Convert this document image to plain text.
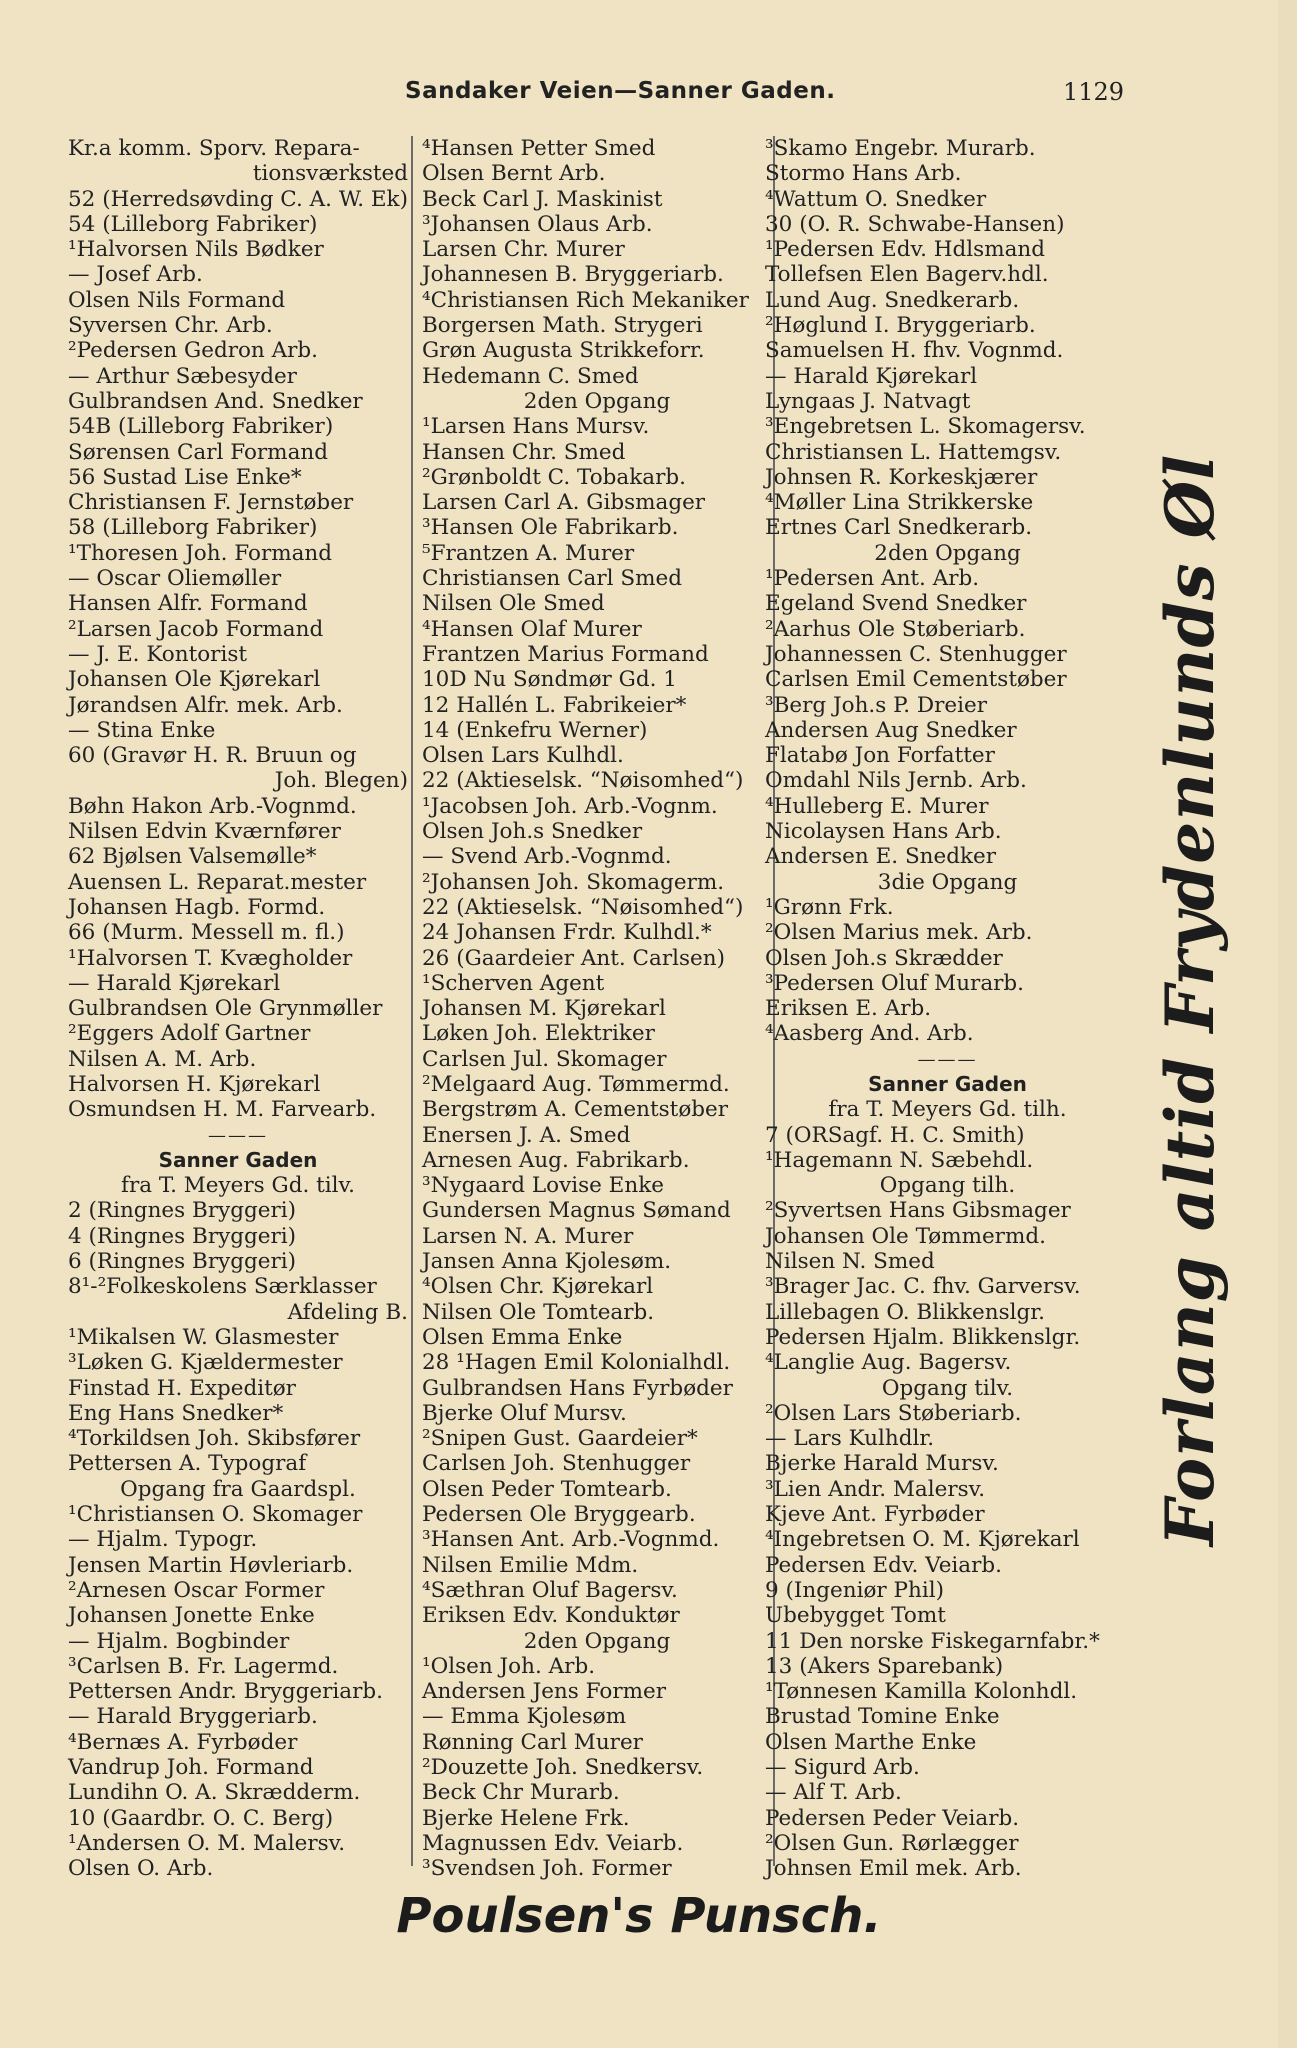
Sandaker Veien—Sanner Gaden.	1129
Kr.a komm. Sporv. Repara-
tionsværksted
52 (Herredsøvding C. A. W. Ek)
54 (Lilleborg Fabriker)
¹Halvorsen Nils Bødker
— Josef Arb.
Olsen Nils Formand
Syversen Chr. Arb.
²Pedersen Gedron Arb.
— Arthur Sæbesyder
Gulbrandsen And. Snedker
54B (Lilleborg Fabriker)
Sørensen Carl Formand
56 Sustad Lise Enke*
Christiansen F. Jernstøber
58 (Lilleborg Fabriker)
¹Thoresen Joh. Formand
— Oscar Oliemøller
Hansen Alfr. Formand
²Larsen Jacob Formand
— J. E. Kontorist
Johansen Ole Kjørekarl
Jørandsen Alfr. mek. Arb.
— Stina Enke
60 (Gravør H. R. Bruun og
Joh. Blegen)
Bøhn Hakon Arb.-Vognmd.
Nilsen Edvin Kværnfører
62 Bjølsen Valsemølle*
Auensen L. Reparat.mester
Johansen Hagb. Formd.
66 (Murm. Messell m. fl.)
¹Halvorsen T. Kvægholder
— Harald Kjørekarl
Gulbrandsen Ole Grynmøller
²Eggers Adolf Gartner
Nilsen A. M. Arb.
Halvorsen H. Kjørekarl
Osmundsen H. M. Farvearb.
———
Sanner Gaden
fra T. Meyers Gd. tilv.
2 (Ringnes Bryggeri)
4 (Ringnes Bryggeri)
6 (Ringnes Bryggeri)
8¹-²Folkeskolens Særklasser
Afdeling B.
¹Mikalsen W. Glasmester
³Løken G. Kjældermester
Finstad H. Expeditør
Eng Hans Snedker*
⁴Torkildsen Joh. Skibsfører
Pettersen A. Typograf
Opgang fra Gaardspl.
¹Christiansen O. Skomager
— Hjalm. Typogr.
Jensen Martin Høvleriarb.
²Arnesen Oscar Former
Johansen Jonette Enke
— Hjalm. Bogbinder
³Carlsen B. Fr. Lagermd.
Pettersen Andr. Bryggeriarb.
— Harald Bryggeriarb.
⁴Bernæs A. Fyrbøder
Vandrup Joh. Formand
Lundihn O. A. Skrædderm.
10 (Gaardbr. O. C. Berg)
¹Andersen O. M. Malersv.
Olsen O. Arb.
⁴Hansen Petter Smed
Olsen Bernt Arb.
Beck Carl J. Maskinist
³Johansen Olaus Arb.
Larsen Chr. Murer
Johannesen B. Bryggeriarb.
⁴Christiansen Rich Mekaniker
Borgersen Math. Strygeri
Grøn Augusta Strikkeforr.
Hedemann C. Smed
2den Opgang
¹Larsen Hans Mursv.
Hansen Chr. Smed
²Grønboldt C. Tobakarb.
Larsen Carl A. Gibsmager
³Hansen Ole Fabrikarb.
⁵Frantzen A. Murer
Christiansen Carl Smed
Nilsen Ole Smed
⁴Hansen Olaf Murer
Frantzen Marius Formand
10D Nu Søndmør Gd. 1
12 Hallén L. Fabrikeier*
14 (Enkefru Werner)
Olsen Lars Kulhdl.
22 (Aktieselsk. “Nøisomhed“)
¹Jacobsen Joh. Arb.-Vognm.
Olsen Joh.s Snedker
— Svend Arb.-Vognmd.
²Johansen Joh. Skomagerm.
22 (Aktieselsk. “Nøisomhed“)
24 Johansen Frdr. Kulhdl.*
26 (Gaardeier Ant. Carlsen)
¹Scherven Agent
Johansen M. Kjørekarl
Løken Joh. Elektriker
Carlsen Jul. Skomager
²Melgaard Aug. Tømmermd.
Bergstrøm A. Cementstøber
Enersen J. A. Smed
Arnesen Aug. Fabrikarb.
³Nygaard Lovise Enke
Gundersen Magnus Sømand
Larsen N. A. Murer
Jansen Anna Kjolesøm.
⁴Olsen Chr. Kjørekarl
Nilsen Ole Tomtearb.
Olsen Emma Enke
28 ¹Hagen Emil Kolonialhdl.
Gulbrandsen Hans Fyrbøder
Bjerke Oluf Mursv.
²Snipen Gust. Gaardeier*
Carlsen Joh. Stenhugger
Olsen Peder Tomtearb.
Pedersen Ole Bryggearb.
³Hansen Ant. Arb.-Vognmd.
Nilsen Emilie Mdm.
⁴Sæthran Oluf Bagersv.
Eriksen Edv. Konduktør
2den Opgang
¹Olsen Joh. Arb.
Andersen Jens Former
— Emma Kjolesøm
Rønning Carl Murer
²Douzette Joh. Snedkersv.
Beck Chr Murarb.
Bjerke Helene Frk.
Magnussen Edv. Veiarb.
³Svendsen Joh. Former
³Skamo Engebr. Murarb.
Stormo Hans Arb.
⁴Wattum O. Snedker
30 (O. R. Schwabe-Hansen)
¹Pedersen Edv. Hdlsmand
Tollefsen Elen Bagerv.hdl.
Lund Aug. Snedkerarb.
²Høglund I. Bryggeriarb.
Samuelsen H. fhv. Vognmd.
— Harald Kjørekarl
Lyngaas J. Natvagt
³Engebretsen L. Skomagersv.
Christiansen L. Hattemgsv.
Johnsen R. Korkeskjærer
⁴Møller Lina Strikkerske
Ertnes Carl Snedkerarb.
2den Opgang
¹Pedersen Ant. Arb.
Egeland Svend Snedker
²Aarhus Ole Støberiarb.
Johannessen C. Stenhugger
Carlsen Emil Cementstøber
³Berg Joh.s P. Dreier
Andersen Aug Snedker
Flatabø Jon Forfatter
Omdahl Nils Jernb. Arb.
⁴Hulleberg E. Murer
Nicolaysen Hans Arb.
Andersen E. Snedker
3die Opgang
¹Grønn Frk.
²Olsen Marius mek. Arb.
Olsen Joh.s Skrædder
³Pedersen Oluf Murarb.
Eriksen E. Arb.
⁴Aasberg And. Arb.
———
Sanner Gaden
fra T. Meyers Gd. tilh.
7 (ORSagf. H. C. Smith)
¹Hagemann N. Sæbehdl.
Opgang tilh.
²Syvertsen Hans Gibsmager
Johansen Ole Tømmermd.
Nilsen N. Smed
³Brager Jac. C. fhv. Garversv.
Lillebagen O. Blikkenslgr.
Pedersen Hjalm. Blikkenslgr.
⁴Langlie Aug. Bagersv.
Opgang tilv.
²Olsen Lars Støberiarb.
— Lars Kulhdlr.
Bjerke Harald Mursv.
³Lien Andr. Malersv.
Kjeve Ant. Fyrbøder
⁴Ingebretsen O. M. Kjørekarl
Pedersen Edv. Veiarb.
9 (Ingeniør Phil)
Ubebygget Tomt
11 Den norske Fiskegarnfabr.*
13 (Akers Sparebank)
¹Tønnesen Kamilla Kolonhdl.
Brustad Tomine Enke
Olsen Marthe Enke
— Sigurd Arb.
— Alf T. Arb.
Pedersen Peder Veiarb.
²Olsen Gun. Rørlægger
Johnsen Emil mek. Arb.
Forlang altid Frydenlunds Øl
Poulsen's Punsch.
